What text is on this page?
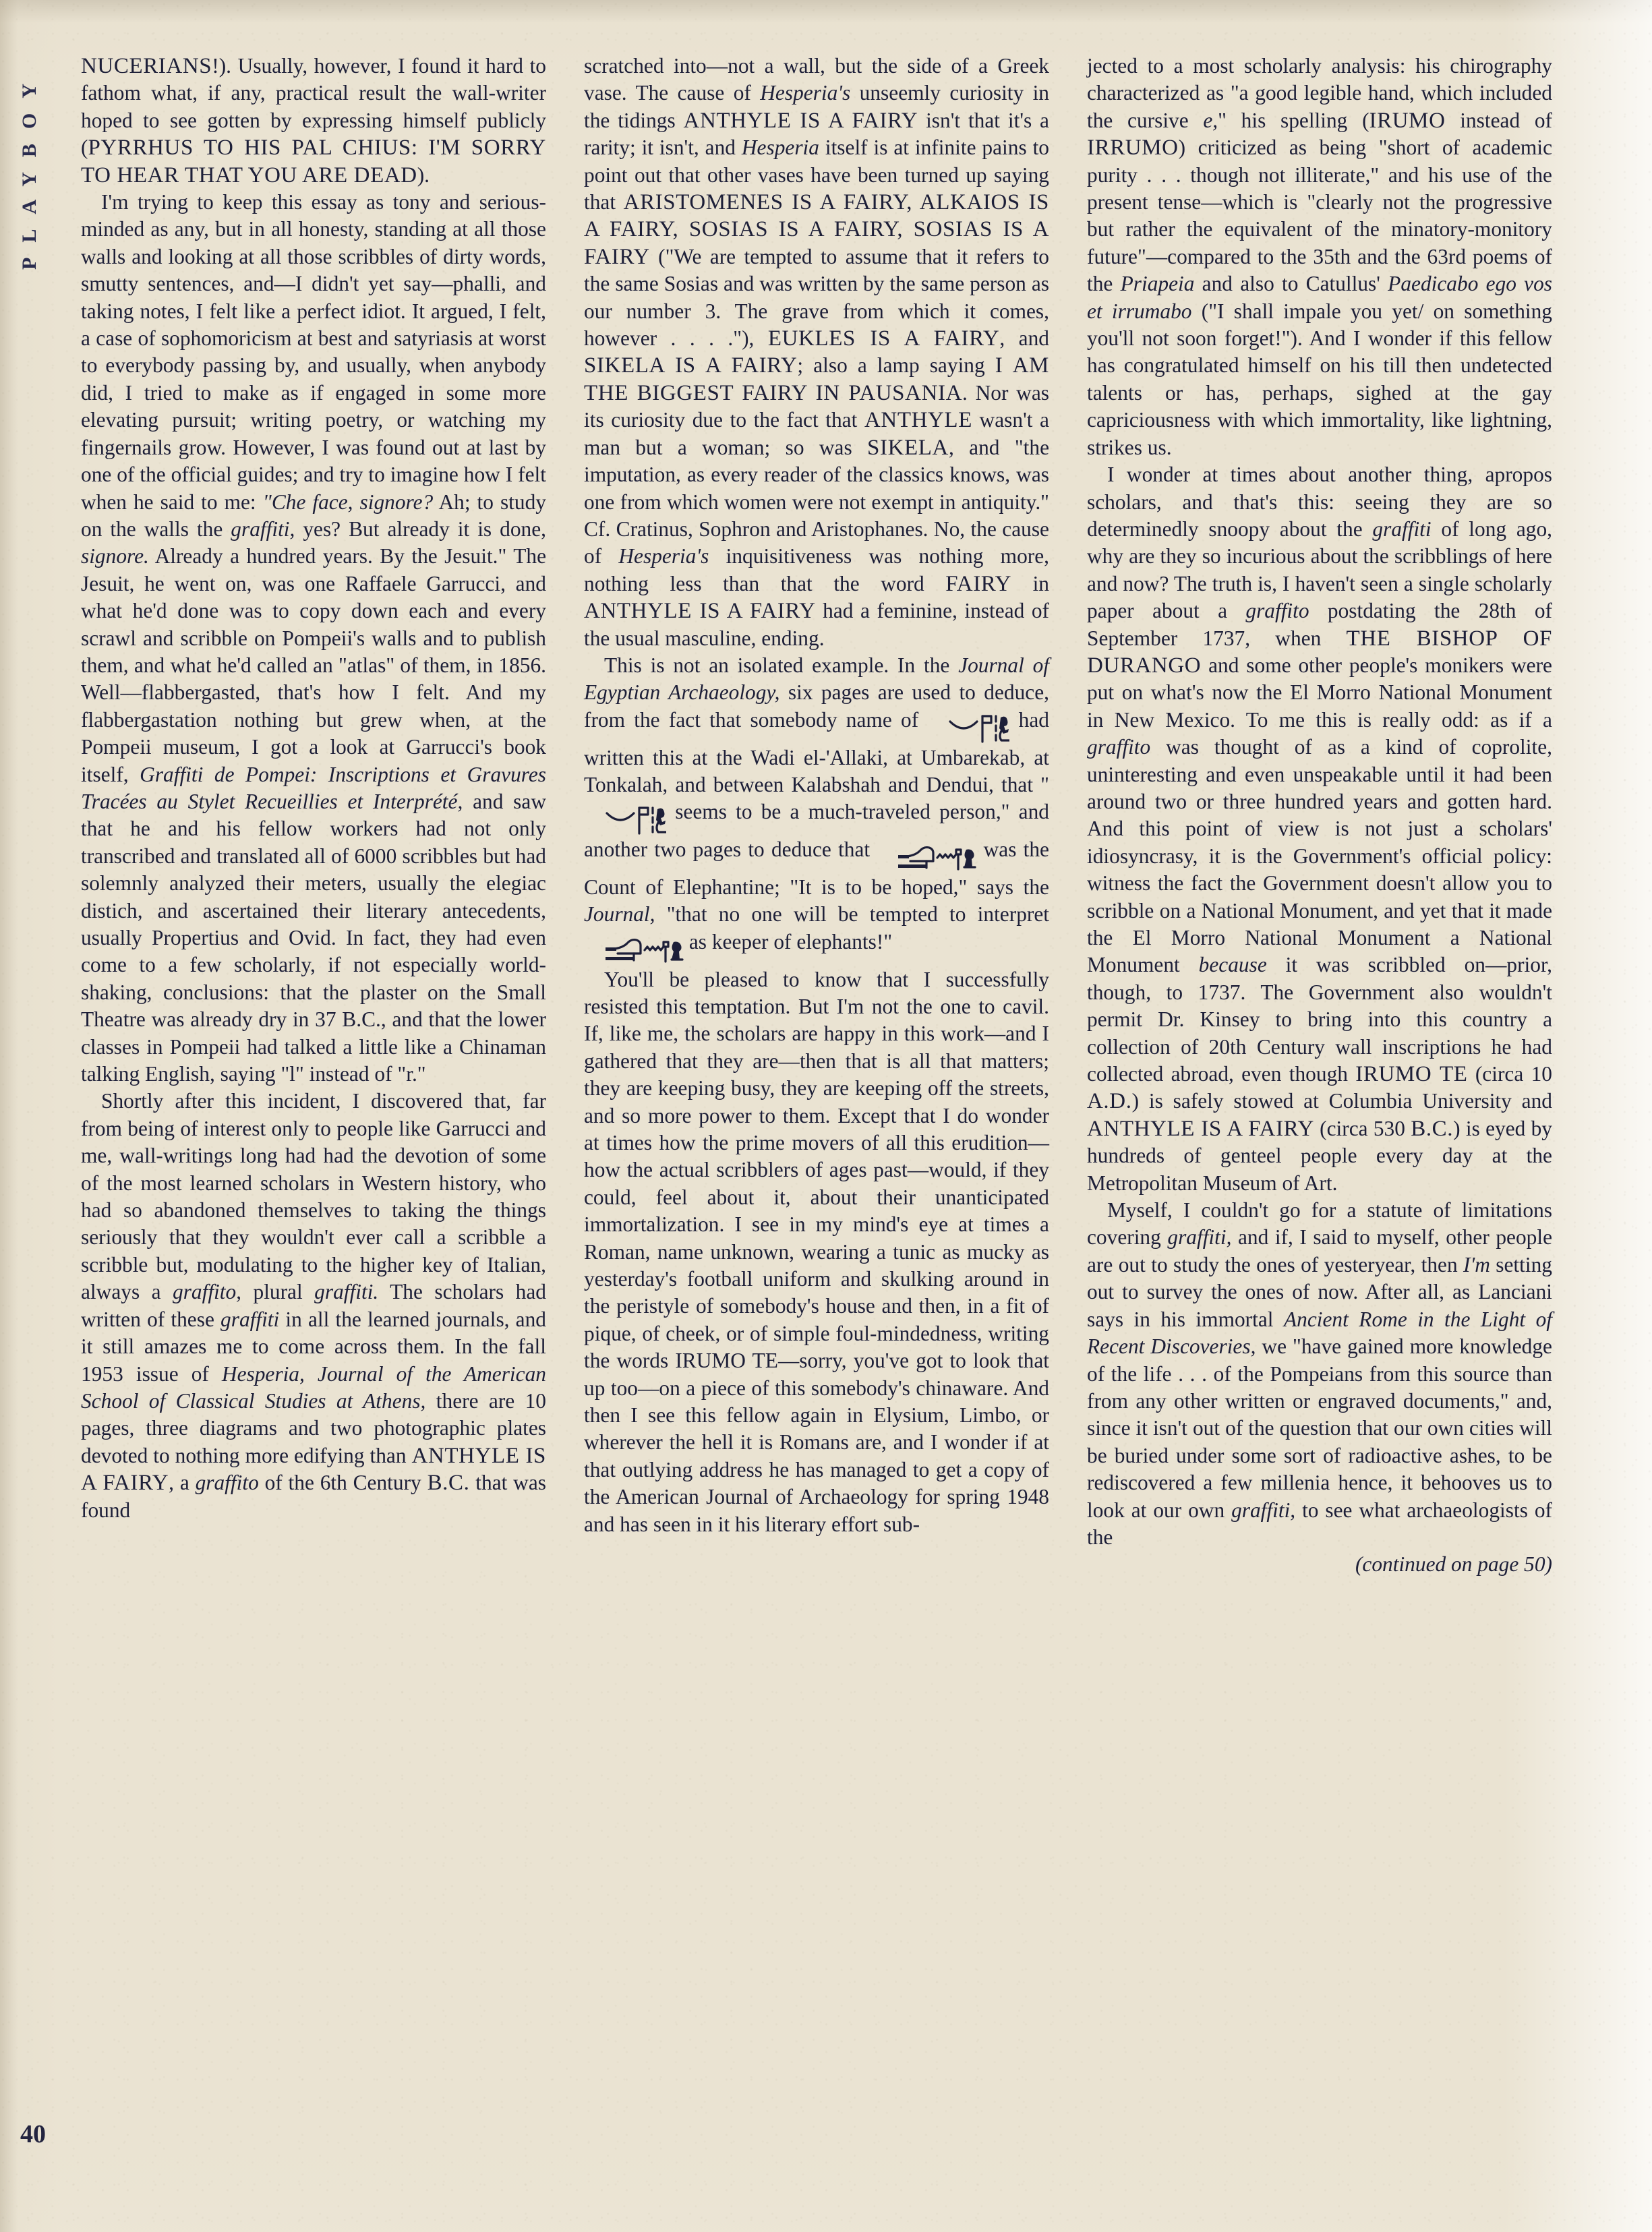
PLAYBOY
40

NUCERIANS!). Usually, however, I found it hard to fathom what, if any, practical result the wall-writer hoped to see gotten by expressing himself publicly (PYRRHUS TO HIS PAL CHIUS: I'M SORRY TO HEAR THAT YOU ARE DEAD).

I'm trying to keep this essay as tony and serious-minded as any, but in all honesty, standing at all those walls and looking at all those scribbles of dirty words, smutty sentences, and—I didn't yet say—phalli, and taking notes, I felt like a perfect idiot. It argued, I felt, a case of sophomoricism at best and satyriasis at worst to everybody passing by, and usually, when anybody did, I tried to make as if engaged in some more elevating pursuit; writing poetry, or watching my fingernails grow. However, I was found out at last by one of the official guides; and try to imagine how I felt when he said to me: "Che face, signore? Ah; to study on the walls the graffiti, yes? But already it is done, signore. Already a hundred years. By the Jesuit." The Jesuit, he went on, was one Raffaele Garrucci, and what he'd done was to copy down each and every scrawl and scribble on Pompeii's walls and to publish them, and what he'd called an "atlas" of them, in 1856. Well—flabbergasted, that's how I felt. And my flabbergastation nothing but grew when, at the Pompeii museum, I got a look at Garrucci's book itself, Graffiti de Pompei: Inscriptions et Gravures Tracées au Stylet Recueillies et Interprété, and saw that he and his fellow workers had not only transcribed and translated all of 6000 scribbles but had solemnly analyzed their meters, usually the elegiac distich, and ascertained their literary antecedents, usually Propertius and Ovid. In fact, they had even come to a few scholarly, if not especially world-shaking, conclusions: that the plaster on the Small Theatre was already dry in 37 B.C., and that the lower classes in Pompeii had talked a little like a Chinaman talking English, saying "l" instead of "r."

Shortly after this incident, I discovered that, far from being of interest only to people like Garrucci and me, wall-writings long had had the devotion of some of the most learned scholars in Western history, who had so abandoned themselves to taking the things seriously that they wouldn't ever call a scribble a scribble but, modulating to the higher key of Italian, always a graffito, plural graffiti. The scholars had written of these graffiti in all the learned journals, and it still amazes me to come across them. In the fall 1953 issue of Hesperia, Journal of the American School of Classical Studies at Athens, there are 10 pages, three diagrams and two photographic plates devoted to nothing more edifying than ANTHYLE IS A FAIRY, a graffito of the 6th Century B.C. that was found

scratched into—not a wall, but the side of a Greek vase. The cause of Hesperia's unseemly curiosity in the tidings ANTHYLE IS A FAIRY isn't that it's a rarity; it isn't, and Hesperia itself is at infinite pains to point out that other vases have been turned up saying that ARISTOMENES IS A FAIRY, ALKAIOS IS A FAIRY, SOSIAS IS A FAIRY, SOSIAS IS A FAIRY ("We are tempted to assume that it refers to the same Sosias and was written by the same person as our number 3. The grave from which it comes, however . . . ."), EUKLES IS A FAIRY, and SIKELA IS A FAIRY; also a lamp saying I AM THE BIGGEST FAIRY IN PAUSANIA. Nor was its curiosity due to the fact that ANTHYLE wasn't a man but a woman; so was SIKELA, and "the imputation, as every reader of the classics knows, was one from which women were not exempt in antiquity." Cf. Cratinus, Sophron and Aristophanes. No, the cause of Hesperia's inquisitiveness was nothing more, nothing less than that the word FAIRY in ANTHYLE IS A FAIRY had a feminine, instead of the usual masculine, ending.

This is not an isolated example. In the Journal of Egyptian Archaeology, six pages are used to deduce, from the fact that somebody name of	had written this at the Wadi el-'Allaki, at Umbarekab, at Tonkalah, and between Kalabshah and Dendui, that "  seems to be a much-traveled person," and another two pages to deduce that	was the Count of Elephantine; "It is to be hoped," says the Journal, "that no one will be tempted to interpret  as keeper of elephants!"

You'll be pleased to know that I successfully resisted this temptation. But I'm not the one to cavil. If, like me, the scholars are happy in this work—and I gathered that they are—then that is all that matters; they are keeping busy, they are keeping off the streets, and so more power to them. Except that I do wonder at times how the prime movers of all this erudition—how the actual scribblers of ages past—would, if they could, feel about it, about their unanticipated immortalization. I see in my mind's eye at times a Roman, name unknown, wearing a tunic as mucky as yesterday's football uniform and skulking around in the peristyle of somebody's house and then, in a fit of pique, of cheek, or of simple foul-mindedness, writing the words IRUMO TE—sorry, you've got to look that up too—on a piece of this somebody's chinaware. And then I see this fellow again in Elysium, Limbo, or wherever the hell it is Romans are, and I wonder if at that outlying address he has managed to get a copy of the American Journal of Archaeology for spring 1948 and has seen in it his literary effort sub-

jected to a most scholarly analysis: his chirography characterized as "a good legible hand, which included the cursive e," his spelling (IRUMO instead of IRRUMO) criticized as being "short of academic purity . . . though not illiterate," and his use of the present tense—which is "clearly not the progressive but rather the equivalent of the minatory-monitory future"—compared to the 35th and the 63rd poems of the Priapeia and also to Catullus' Paedicabo ego vos et irrumabo ("I shall impale you yet/ on something you'll not soon forget!"). And I wonder if this fellow has congratulated himself on his till then undetected talents or has, perhaps, sighed at the gay capriciousness with which immortality, like lightning, strikes us.

I wonder at times about another thing, apropos scholars, and that's this: seeing they are so determinedly snoopy about the graffiti of long ago, why are they so incurious about the scribblings of here and now? The truth is, I haven't seen a single scholarly paper about a graffito postdating the 28th of September 1737, when THE BISHOP OF DURANGO and some other people's monikers were put on what's now the El Morro National Monument in New Mexico. To me this is really odd: as if a graffito was thought of as a kind of coprolite, uninteresting and even unspeakable until it had been around two or three hundred years and gotten hard. And this point of view is not just a scholars' idiosyncrasy, it is the Government's official policy: witness the fact the Government doesn't allow you to scribble on a National Monument, and yet that it made the El Morro National Monument a National Monument because it was scribbled on—prior, though, to 1737. The Government also wouldn't permit Dr. Kinsey to bring into this country a collection of 20th Century wall inscriptions he had collected abroad, even though IRUMO TE (circa 10 A.D.) is safely stowed at Columbia University and ANTHYLE IS A FAIRY (circa 530 B.C.) is eyed by hundreds of genteel people every day at the Metropolitan Museum of Art.

Myself, I couldn't go for a statute of limitations covering graffiti, and if, I said to myself, other people are out to study the ones of yesteryear, then I'm setting out to survey the ones of now. After all, as Lanciani says in his immortal Ancient Rome in the Light of Recent Discoveries, we "have gained more knowledge of the life . . . of the Pompeians from this source than from any other written or engraved documents," and, since it isn't out of the question that our own cities will be buried under some sort of radioactive ashes, to be rediscovered a few millenia hence, it behooves us to look at our own graffiti, to see what archaeologists of the

(continued on page 50)
